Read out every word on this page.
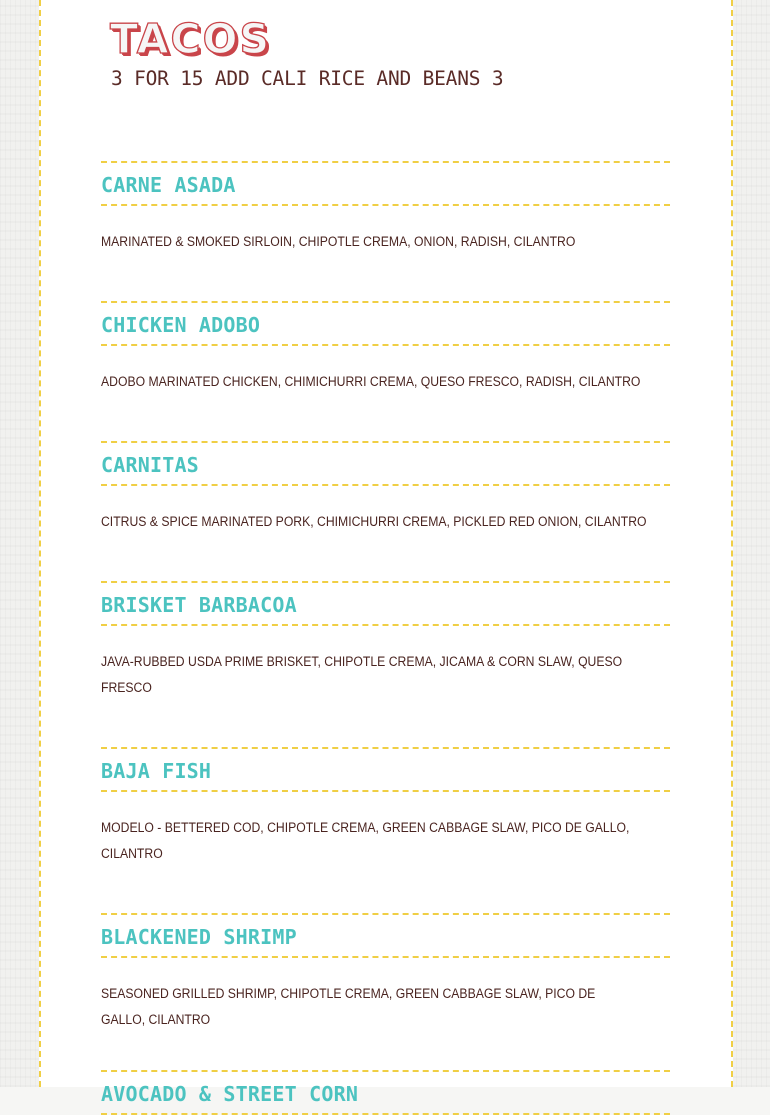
TACOS

3 FOR 15 ADD CALI RICE AND BEANS 3

CARNE ASADA

MARINATED & SMOKED SIRLOIN, CHIPOTLE CREMA, ONION, RADISH, CILANTRO

CHICKEN ADOBO

ADOBO MARINATED CHICKEN, CHIMICHURRI CREMA, QUESO FRESCO, RADISH, CILANTRO

CARNITAS

CITRUS & SPICE MARINATED PORK, CHIMICHURRI CREMA, PICKLED RED ONION, CILANTRO

BRISKET BARBACOA

JAVA-RUBBED USDA PRIME BRISKET, CHIPOTLE CREMA, JICAMA & CORN SLAW, QUESO FRESCO

BAJA FISH

MODELO - BETTERED COD, CHIPOTLE CREMA, GREEN CABBAGE SLAW, PICO DE GALLO, CILANTRO

BLACKENED SHRIMP

SEASONED GRILLED SHRIMP, CHIPOTLE CREMA, GREEN CABBAGE SLAW, PICO DE GALLO, CILANTRO

AVOCADO & STREET CORN
